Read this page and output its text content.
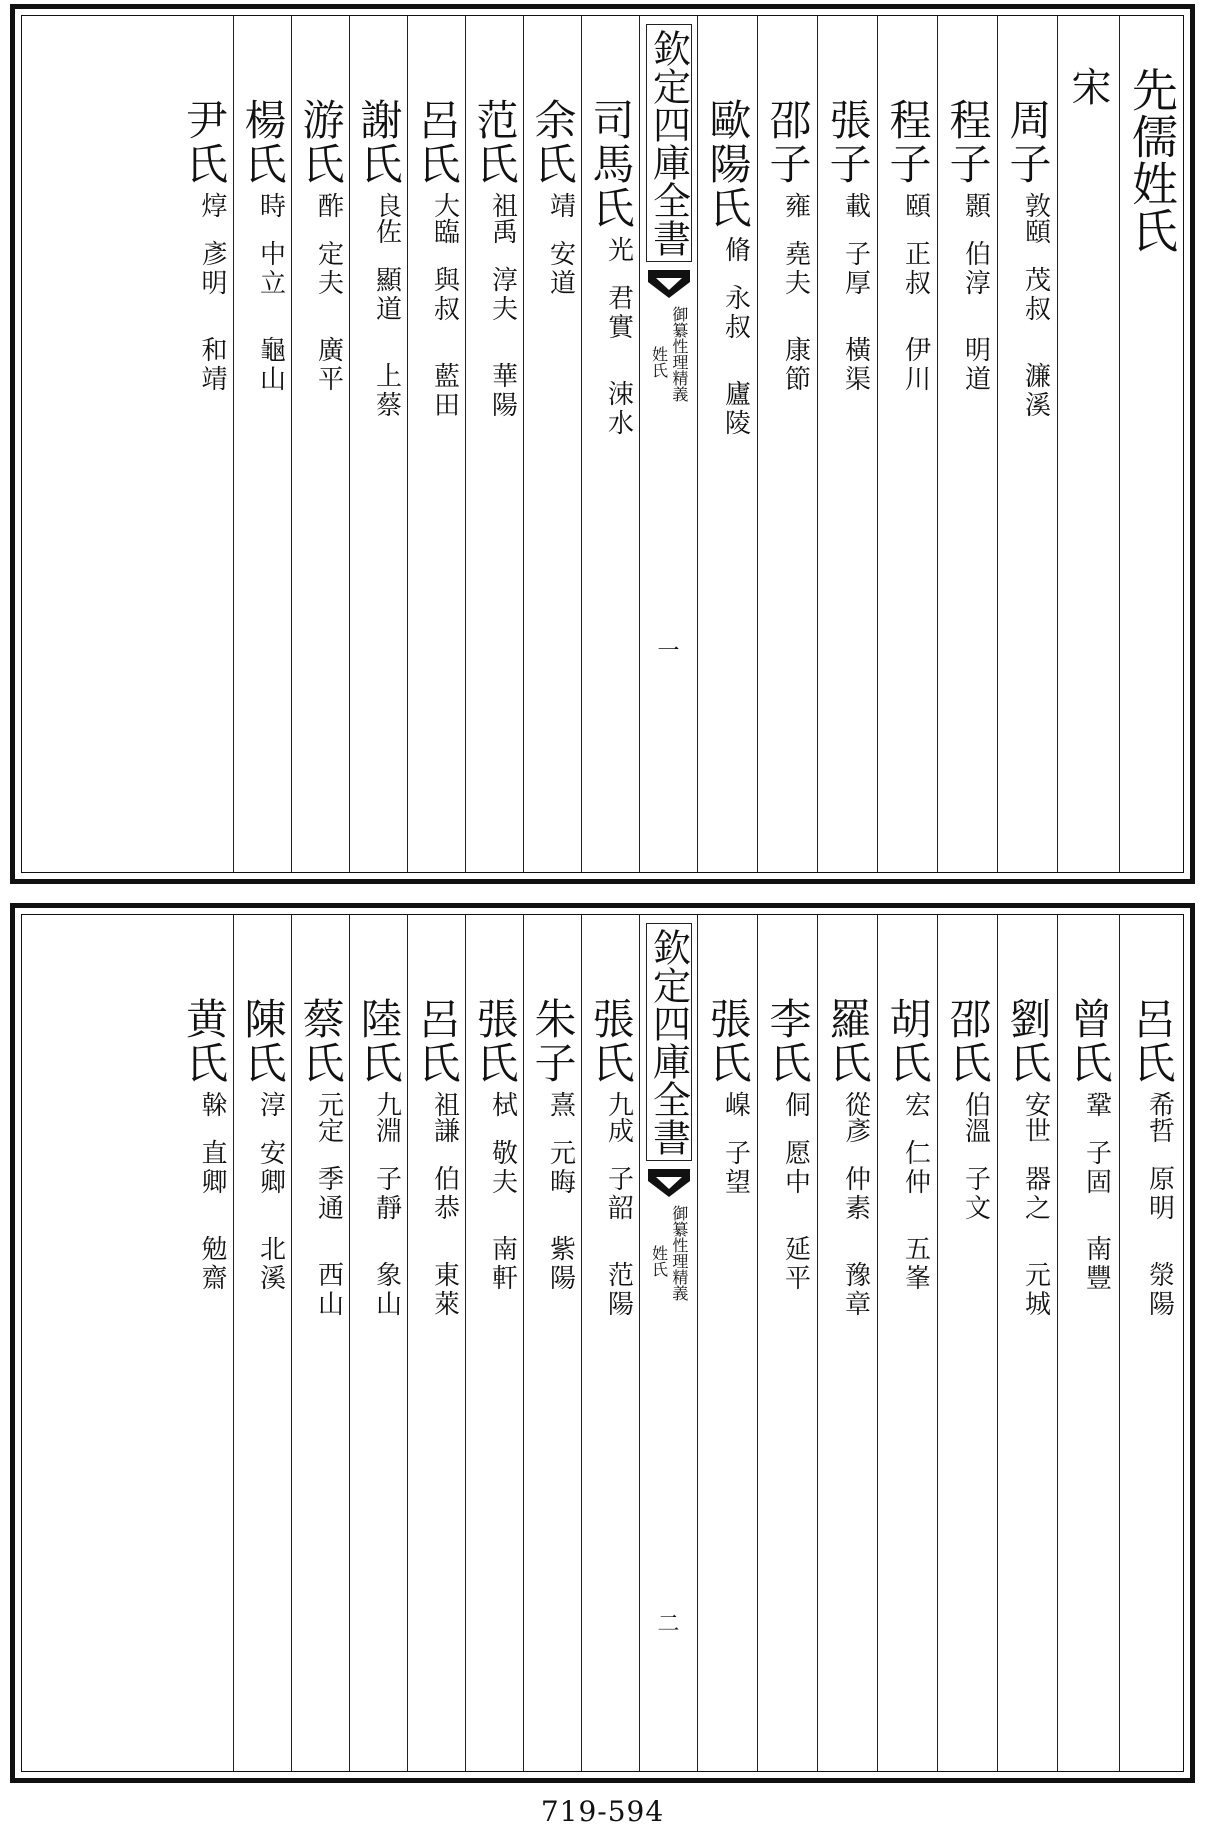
先儒姓氏
宋
周子
敦頤
茂叔
濂溪
程子
顥
伯淳
明道
程子
頤
正叔
伊川
張子
載
子厚
橫渠
邵子
雍
堯夫
康節
歐陽氏
脩
永叔
廬陵
欽定四庫全書
御纂性理精義
姓氏
一
司馬氏
光
君實
涑水
余氏
靖
安道
范氏
祖禹
淳夫
華陽
呂氏
大臨
與叔
藍田
謝氏
良佐
顯道
上蔡
游氏
酢
定夫
廣平
楊氏
時
中立
龜山
尹氏
焞
彥明
和靖
呂氏
希哲
原明
滎陽
曾氏
鞏
子固
南豐
劉氏
安世
器之
元城
邵氏
伯溫
子文
胡氏
宏
仁仲
五峯
羅氏
從彥
仲素
豫章
李氏
侗
愿中
延平
張氏
嵲
子望
欽定四庫全書
御纂性理精義
姓氏
二
張氏
九成
子韶
范陽
朱子
熹
元晦
紫陽
張氏
栻
敬夫
南軒
呂氏
祖謙
伯恭
東萊
陸氏
九淵
子靜
象山
蔡氏
元定
季通
西山
陳氏
淳
安卿
北溪
黄氏
榦
直卿
勉齋
719-594
